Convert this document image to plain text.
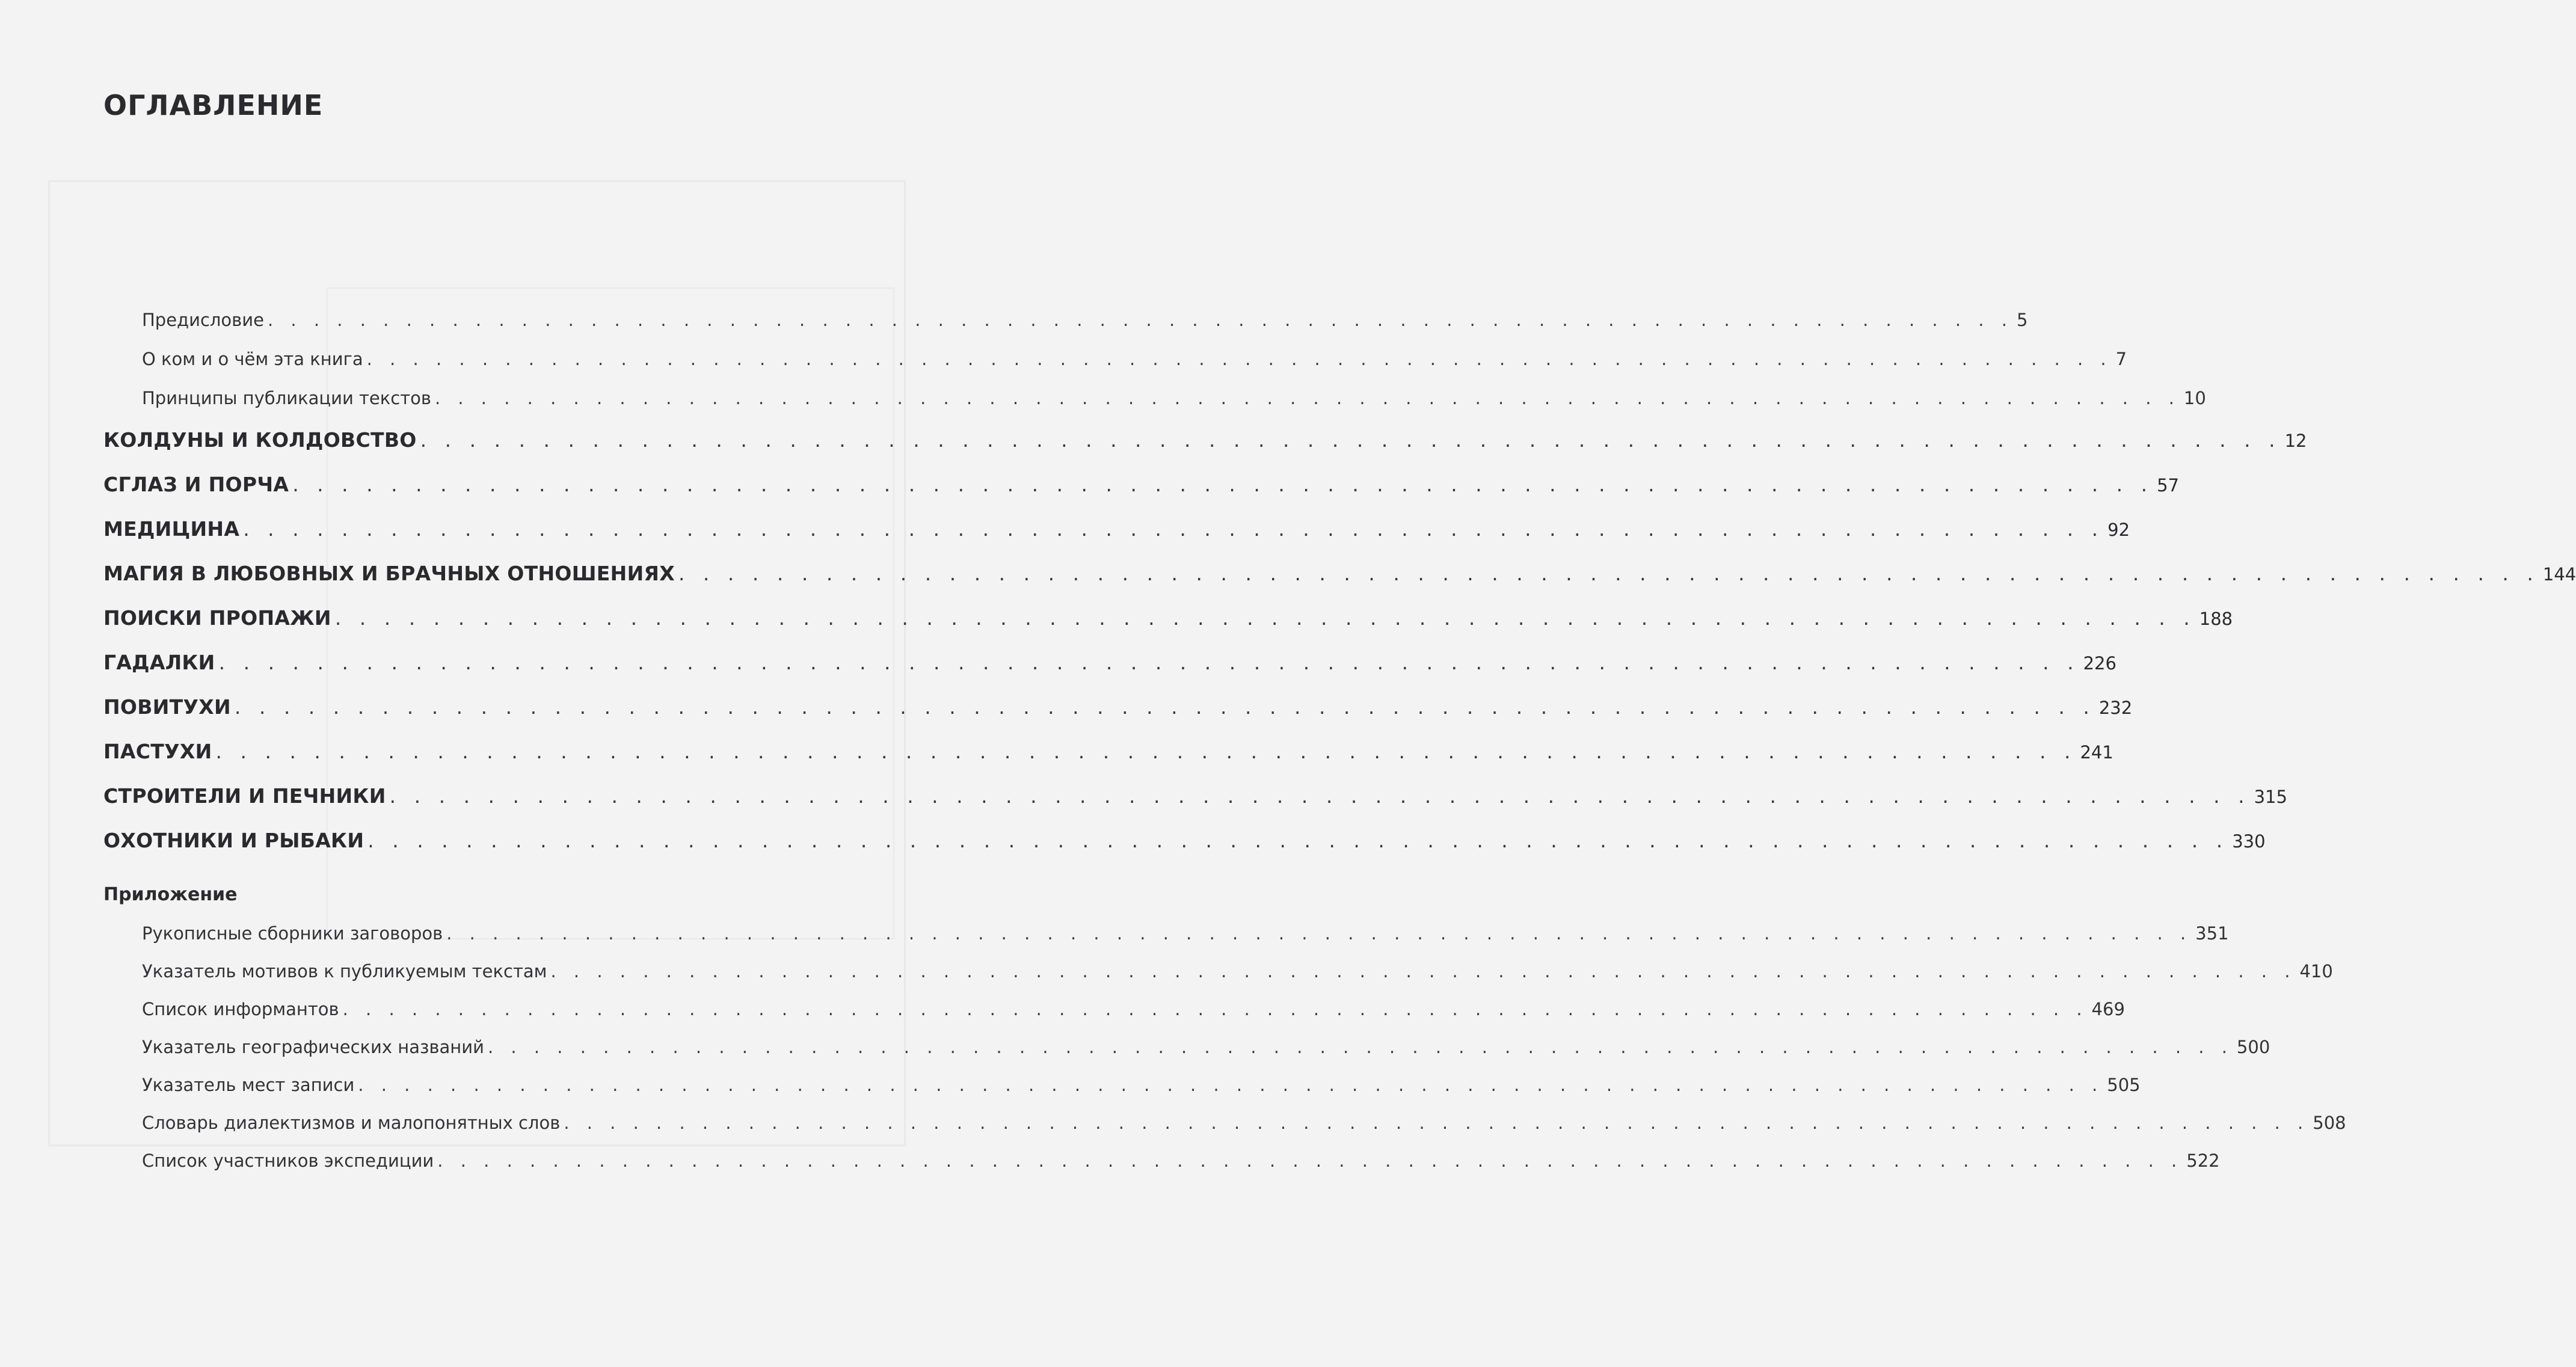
ОГЛАВЛЕНИЕ
Предисловие . . . . . . . . . . . . . . . . . . . . . . . . . . . . . . . . . . . . . . . . . . . . . . . . . . . . . . . . . . . . . . . . . . . . . . . . . . . . 5
О ком и о чём эта книга . . . . . . . . . . . . . . . . . . . . . . . . . . . . . . . . . . . . . . . . . . . . . . . . . . . . . . . . . . . . . . . . . . . . . . . . . . . . 7
Принципы публикации текстов . . . . . . . . . . . . . . . . . . . . . . . . . . . . . . . . . . . . . . . . . . . . . . . . . . . . . . . . . . . . . . . . . . . . . . . . . . . . 10
КОЛДУНЫ И КОЛДОВСТВО . . . . . . . . . . . . . . . . . . . . . . . . . . . . . . . . . . . . . . . . . . . . . . . . . . . . . . . . . . . . . . . . . . . . . . . . . . . . 12
СГЛАЗ И ПОРЧА . . . . . . . . . . . . . . . . . . . . . . . . . . . . . . . . . . . . . . . . . . . . . . . . . . . . . . . . . . . . . . . . . . . . . . . . . . . . 57
МЕДИЦИНА . . . . . . . . . . . . . . . . . . . . . . . . . . . . . . . . . . . . . . . . . . . . . . . . . . . . . . . . . . . . . . . . . . . . . . . . . . . . 92
МАГИЯ В ЛЮБОВНЫХ И БРАЧНЫХ ОТНОШЕНИЯХ . . . . . . . . . . . . . . . . . . . . . . . . . . . . . . . . . . . . . . . . . . . . . . . . . . . . . . . . . . . . . . . . . . . . . . . . . . . . 144
ПОИСКИ ПРОПАЖИ . . . . . . . . . . . . . . . . . . . . . . . . . . . . . . . . . . . . . . . . . . . . . . . . . . . . . . . . . . . . . . . . . . . . . . . . . . . . 188
ГАДАЛКИ . . . . . . . . . . . . . . . . . . . . . . . . . . . . . . . . . . . . . . . . . . . . . . . . . . . . . . . . . . . . . . . . . . . . . . . . . . . . 226
ПОВИТУХИ . . . . . . . . . . . . . . . . . . . . . . . . . . . . . . . . . . . . . . . . . . . . . . . . . . . . . . . . . . . . . . . . . . . . . . . . . . . . 232
ПАСТУХИ . . . . . . . . . . . . . . . . . . . . . . . . . . . . . . . . . . . . . . . . . . . . . . . . . . . . . . . . . . . . . . . . . . . . . . . . . . . . 241
СТРОИТЕЛИ И ПЕЧНИКИ . . . . . . . . . . . . . . . . . . . . . . . . . . . . . . . . . . . . . . . . . . . . . . . . . . . . . . . . . . . . . . . . . . . . . . . . . . . . 315
ОХОТНИКИ И РЫБАКИ . . . . . . . . . . . . . . . . . . . . . . . . . . . . . . . . . . . . . . . . . . . . . . . . . . . . . . . . . . . . . . . . . . . . . . . . . . . . 330
Приложение
Рукописные сборники заговоров . . . . . . . . . . . . . . . . . . . . . . . . . . . . . . . . . . . . . . . . . . . . . . . . . . . . . . . . . . . . . . . . . . . . . . . . . . . . 351
Указатель мотивов к публикуемым текстам . . . . . . . . . . . . . . . . . . . . . . . . . . . . . . . . . . . . . . . . . . . . . . . . . . . . . . . . . . . . . . . . . . . . . . . . . . . . 410
Список информантов . . . . . . . . . . . . . . . . . . . . . . . . . . . . . . . . . . . . . . . . . . . . . . . . . . . . . . . . . . . . . . . . . . . . . . . . . . . . 469
Указатель географических названий . . . . . . . . . . . . . . . . . . . . . . . . . . . . . . . . . . . . . . . . . . . . . . . . . . . . . . . . . . . . . . . . . . . . . . . . . . . . 500
Указатель мест записи . . . . . . . . . . . . . . . . . . . . . . . . . . . . . . . . . . . . . . . . . . . . . . . . . . . . . . . . . . . . . . . . . . . . . . . . . . . . 505
Словарь диалектизмов и малопонятных слов . . . . . . . . . . . . . . . . . . . . . . . . . . . . . . . . . . . . . . . . . . . . . . . . . . . . . . . . . . . . . . . . . . . . . . . . . . . . 508
Список участников экспедиции . . . . . . . . . . . . . . . . . . . . . . . . . . . . . . . . . . . . . . . . . . . . . . . . . . . . . . . . . . . . . . . . . . . . . . . . . . . . 522
